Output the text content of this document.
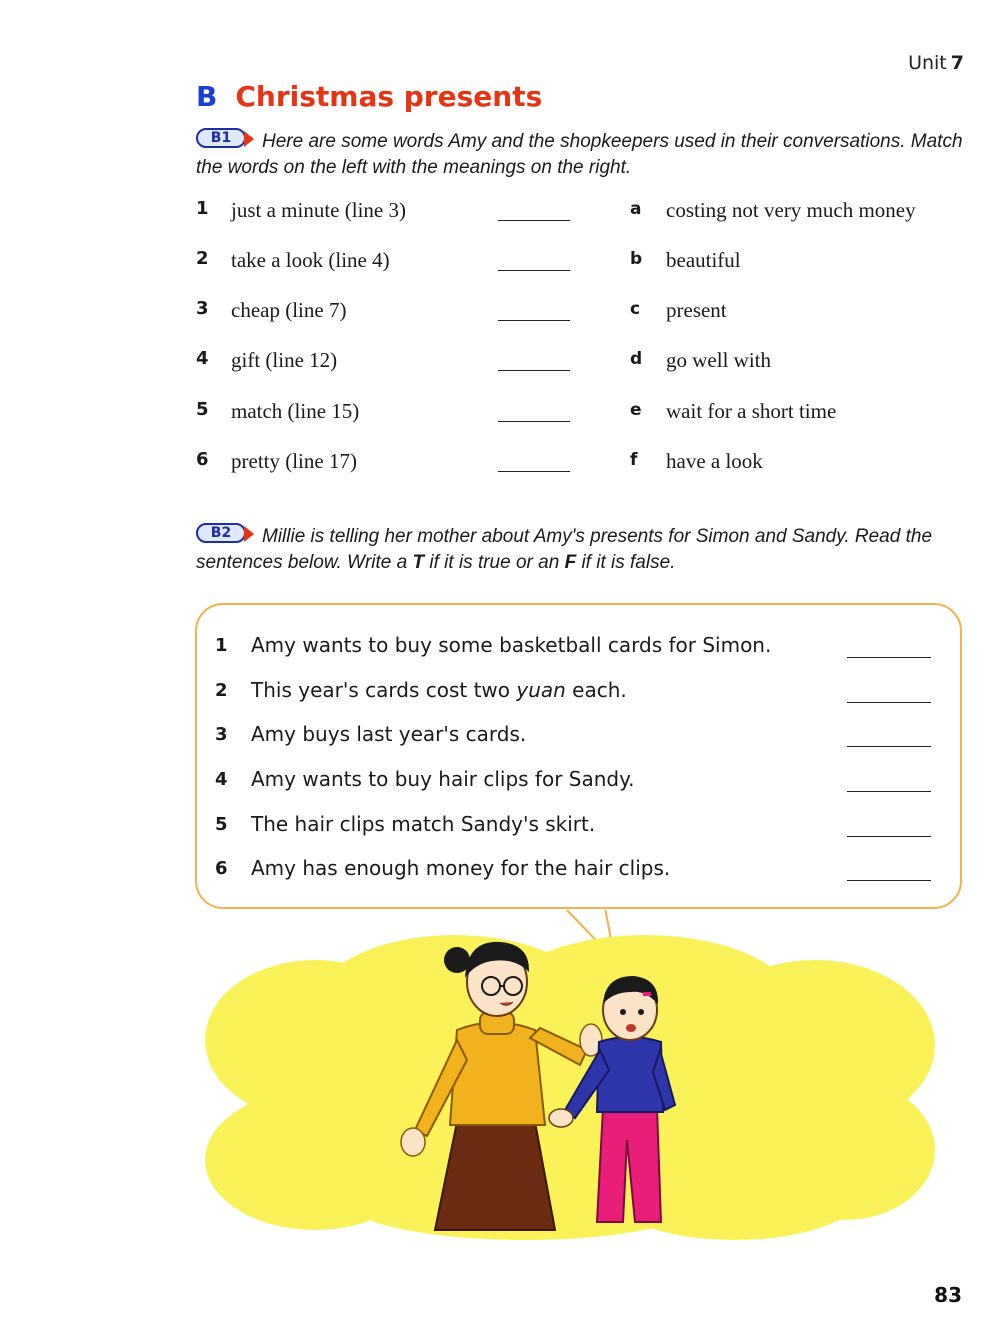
Unit 7
B Christmas presents
B1	Here are some words Amy and the shopkeepers used in their conversations. Match the words on the left with the meanings on the right.
1 just a minute (line 3)	a costing not very much money
2 take a look (line 4)	b beautiful
3 cheap (line 7)	c present
4 gift (line 12)	d go well with
5 match (line 15)	e wait for a short time
6 pretty (line 17)	f have a look
B2	Millie is telling her mother about Amy's presents for Simon and Sandy. Read the sentences below. Write a T if it is true or an F if it is false.
1 Amy wants to buy some basketball cards for Simon.
2 This year's cards cost two yuan each.
3 Amy buys last year's cards.
4 Amy wants to buy hair clips for Sandy.
5 The hair clips match Sandy's skirt.
6 Amy has enough money for the hair clips.
83
